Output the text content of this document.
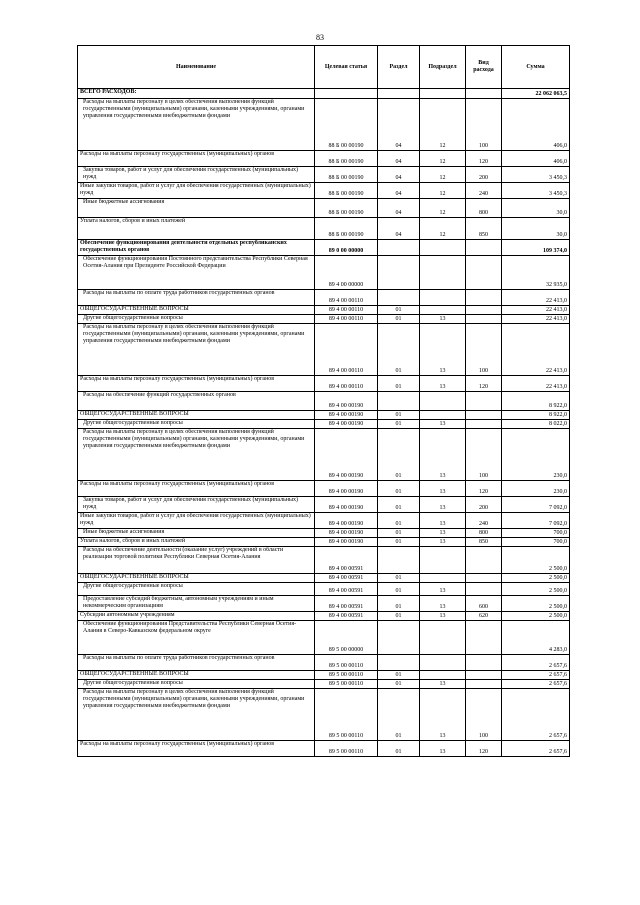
83
Наименование	Целевая статья	Раздел	Подраздел	Вид расхода	Сумма
ВСЕГО РАСХОДОВ:					22 062 063,5
Расходы на выплаты персоналу в целях обеспечения выполнения функций государственными (муниципальными) органами, казенными учреждениями, органами управления государственными внебюджетными фондами	88 Б 00 00190	04	12	100	406,0
Расходы на выплаты персоналу государственных (муниципальных) органов	88 Б 00 00190	04	12	120	406,0
Закупка товаров, работ и услуг для обеспечения государственных (муниципальных) нужд	88 Б 00 00190	04	12	200	3 450,3
Иные закупки товаров, работ и услуг для обеспечения государственных (муниципальных) нужд	88 Б 00 00190	04	12	240	3 450,3
Иные бюджетные ассигнования	88 Б 00 00190	04	12	800	30,0
Уплата налогов, сборов и иных платежей	88 Б 00 00190	04	12	850	30,0
Обеспечение функционирования деятельности отдельных республиканских государственных органов	89 0 00 00000				109 374,0
Обеспечение функционирования Постоянного представительства Республики Северная Осетия-Алания при Президенте Российской Федерации	89 4 00 00000				32 935,0
Расходы на выплаты по оплате труда работников государственных органов	89 4 00 00110				22 413,0
ОБЩЕГОСУДАРСТВЕННЫЕ ВОПРОСЫ	89 4 00 00110	01			22 413,0
Другие общегосударственные вопросы	89 4 00 00110	01	13		22 413,0
Расходы на выплаты персоналу в целях обеспечения выполнения функций государственными (муниципальными) органами, казенными учреждениями, органами управления государственными внебюджетными фондами	89 4 00 00110	01	13	100	22 413,0
Расходы на выплаты персоналу государственных (муниципальных) органов	89 4 00 00110	01	13	120	22 413,0
Расходы на обеспечение функций государственных органов	89 4 00 00190				8 922,0
ОБЩЕГОСУДАРСТВЕННЫЕ ВОПРОСЫ	89 4 00 00190	01			8 922,0
Другие общегосударственные вопросы	89 4 00 00190	01	13		8 022,0
Расходы на выплаты персоналу в целях обеспечения выполнения функций государственными (муниципальными) органами, казенными учреждениями, органами управления государственными внебюджетными фондами	89 4 00 00190	01	13	100	230,0
Расходы на выплаты персоналу государственных (муниципальных) органов	89 4 00 00190	01	13	120	230,0
Закупка товаров, работ и услуг для обеспечения государственных (муниципальных) нужд	89 4 00 00190	01	13	200	7 092,0
Иные закупки товаров, работ и услуг для обеспечения государственных (муниципальных) нужд	89 4 00 00190	01	13	240	7 092,0
Иные бюджетные ассигнования	89 4 00 00190	01	13	800	700,0
Уплата налогов, сборов и иных платежей	89 4 00 00190	01	13	850	700,0
Расходы на обеспечение деятельности (оказание услуг) учреждений в области реализации торговой политики Республики Северная Осетия-Алания	89 4 00 00591				2 500,0
ОБЩЕГОСУДАРСТВЕННЫЕ ВОПРОСЫ	89 4 00 00591	01			2 500,0
Другие общегосударственные вопросы	89 4 00 00591	01	13		2 500,0
Предоставление субсидий бюджетным, автономным учреждениям и иным некоммерческим организациям	89 4 00 00591	01	13	600	2 500,0
Субсидии автономным учреждениям	89 4 00 00591	01	13	620	2 500,0
Обеспечение функционирования Представительства Республики Северная Осетия-Алания в Северо-Кавказском федеральном округе	89 5 00 00000				4 283,0
Расходы на выплаты по оплате труда работников государственных органов	89 5 00 00110				2 657,6
ОБЩЕГОСУДАРСТВЕННЫЕ ВОПРОСЫ	89 5 00 00110	01			2 657,6
Другие общегосударственные вопросы	89 5 00 00110	01	13		2 657,6
Расходы на выплаты персоналу в целях обеспечения выполнения функций государственными (муниципальными) органами, казенными учреждениями, органами управления государственными внебюджетными фондами	89 5 00 00110	01	13	100	2 657,6
Расходы на выплаты персоналу государственных (муниципальных) органов	89 5 00 00110	01	13	120	2 657,6
